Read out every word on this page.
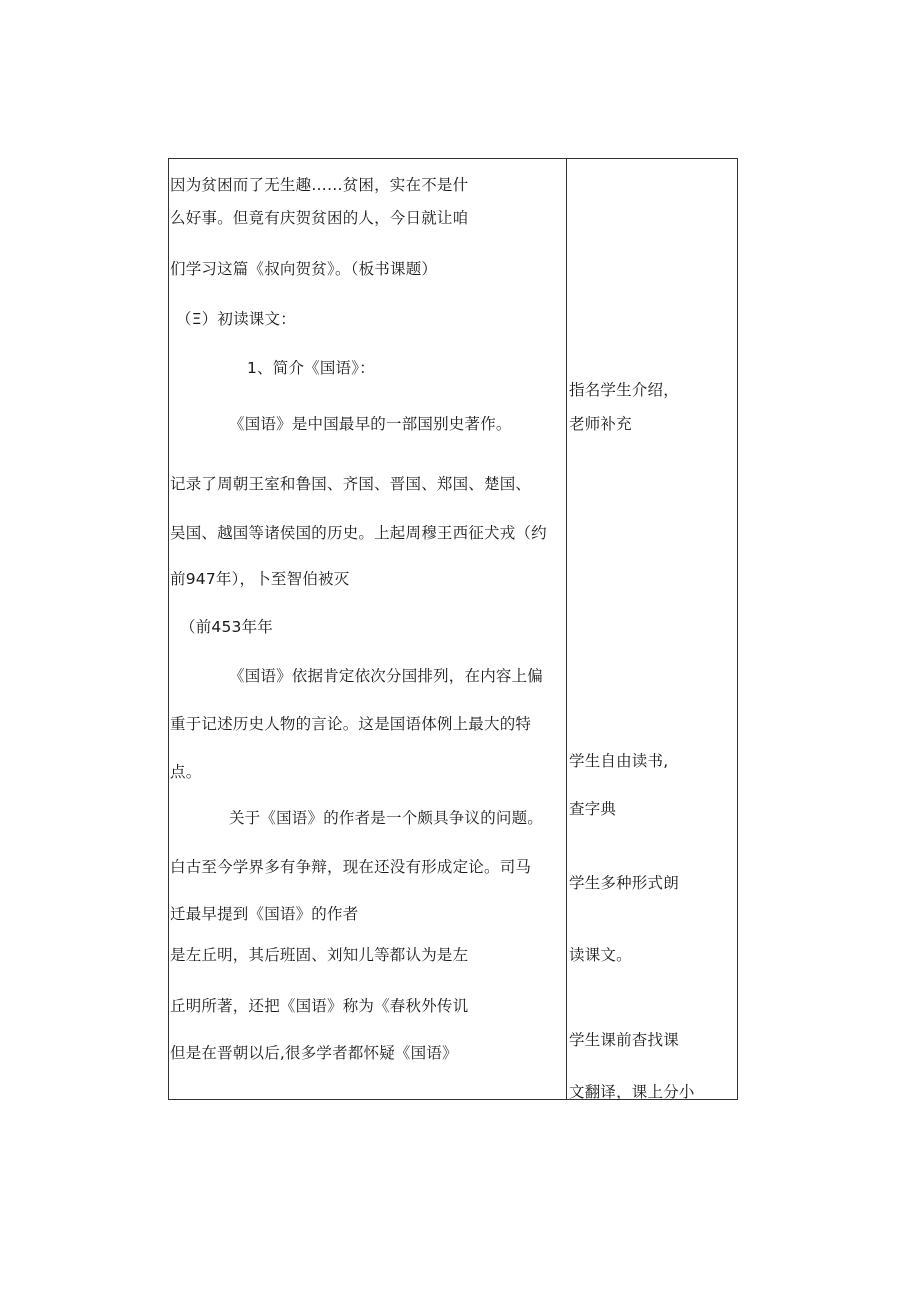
因为贫困而了无生趣……贫困，实在不是什
么好事。但竟有庆贺贫困的人，今日就让咱
们学习这篇《叔向贺贫》。（板书课题）
（Ξ）初读课文：
1、简介《国语》：
《国语》是中国最早的一部国别史著作。
记录了周朝王室和鲁国、齐国、晋国、郑国、楚国、
吴国、越国等诸侯国的历史。上起周穆王西征犬戎（约
前947年），卜至智伯被灭
（前453年年
《国语》依据肯定依次分国排列，在内容上偏
重于记述历史人物的言论。这是国语体例上最大的特
点。
关于《国语》的作者是一个颇具争议的问题。
白古至今学界多有争辩，现在还没有形成定论。司马
迁最早提到《国语》的作者
是左丘明，其后班固、刘知儿等都认为是左
丘明所著，还把《国语》称为《春秋外传讥
但是在晋朝以后,很多学者都怀疑《国语》
指名学生介绍，
老师补充
学生自由读书,
查字典
学生多种形式朗
读课文。
学生课前杳找课
文翻译，课上分小
